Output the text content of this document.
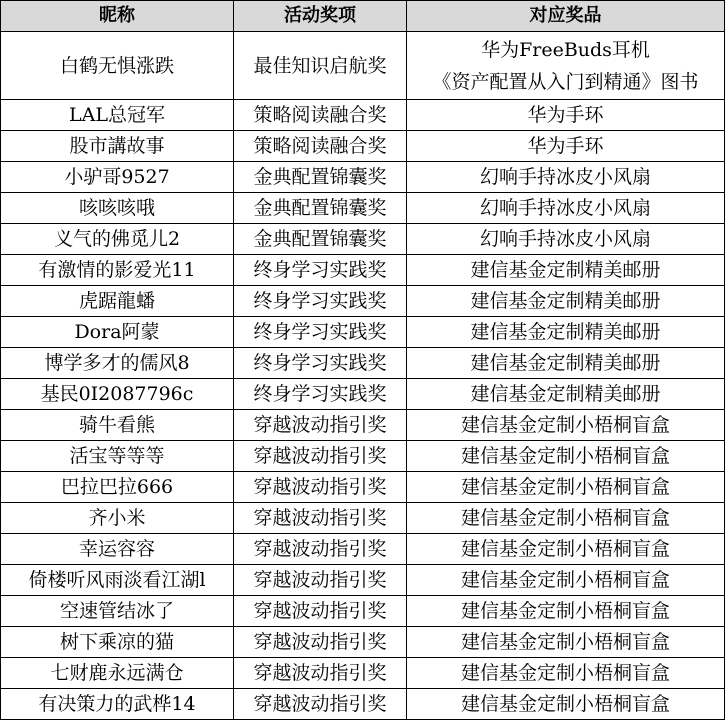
昵称	活动奖项	对应奖品
白鹤无惧涨跌	最佳知识启航奖	华为FreeBuds耳机
《资产配置从入门到精通》图书

LAL总冠军	策略阅读融合奖	华为手环
股市講故事	策略阅读融合奖	华为手环
小驴哥9527	金典配置锦囊奖	幻响手持冰皮小风扇
咳咳咳哦	金典配置锦囊奖	幻响手持冰皮小风扇
义气的佛觅儿2	金典配置锦囊奖	幻响手持冰皮小风扇
有激情的影爱光11	终身学习实践奖	建信基金定制精美邮册
虎踞龍蟠	终身学习实践奖	建信基金定制精美邮册
Dora阿蒙	终身学习实践奖	建信基金定制精美邮册
博学多才的儒风8	终身学习实践奖	建信基金定制精美邮册
基民0I2087796c	终身学习实践奖	建信基金定制精美邮册
骑牛看熊	穿越波动指引奖	建信基金定制小梧桐盲盒
活宝等等等	穿越波动指引奖	建信基金定制小梧桐盲盒
巴拉巴拉666	穿越波动指引奖	建信基金定制小梧桐盲盒
齐小米	穿越波动指引奖	建信基金定制小梧桐盲盒
幸运容容	穿越波动指引奖	建信基金定制小梧桐盲盒
倚楼听风雨淡看江湖l	穿越波动指引奖	建信基金定制小梧桐盲盒
空速管结冰了	穿越波动指引奖	建信基金定制小梧桐盲盒
树下乘凉的猫	穿越波动指引奖	建信基金定制小梧桐盲盒
七财鹿永远满仓	穿越波动指引奖	建信基金定制小梧桐盲盒
有决策力的武桦14	穿越波动指引奖	建信基金定制小梧桐盲盒
